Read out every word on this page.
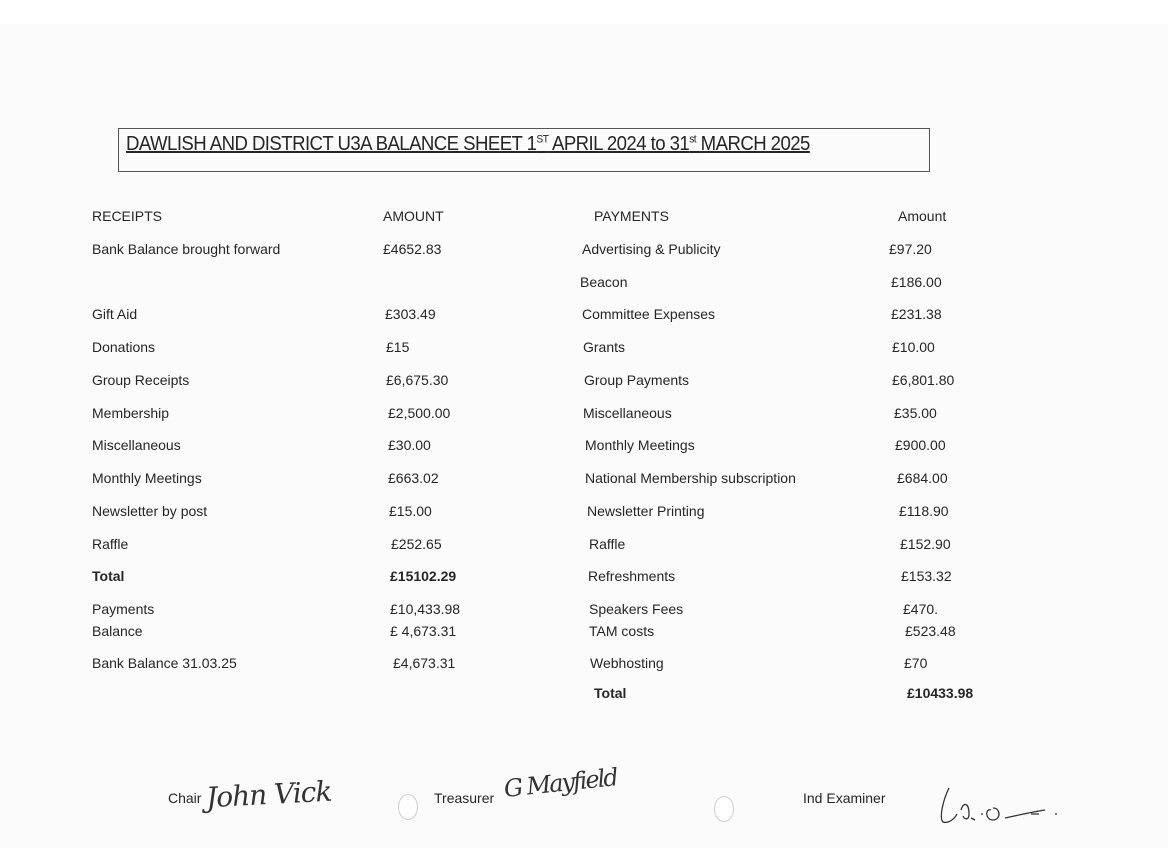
DAWLISH AND DISTRICT U3A BALANCE SHEET 1ST APRIL 2024 to 31st MARCH 2025
RECEIPTS	AMOUNT
Bank Balance brought forward	£4652.83
Gift Aid	£303.49
Donations	£15
Group Receipts	£6,675.30
Membership	£2,500.00
Miscellaneous	£30.00
Monthly Meetings	£663.02
Newsletter by post	£15.00
Raffle	£252.65
Total	£15102.29
Payments	£10,433.98
Balance	£ 4,673.31
Bank Balance 31.03.25	£4,673.31
PAYMENTS	Amount
Advertising & Publicity	£97.20
Beacon	£186.00
Committee Expenses	£231.38
Grants	£10.00
Group Payments	£6,801.80
Miscellaneous	£35.00
Monthly Meetings	£900.00
National Membership subscription	£684.00
Newsletter Printing	£118.90
Raffle	£152.90
Refreshments	£153.32
Speakers Fees	£470.
TAM costs	£523.48
Webhosting	£70
Total	£10433.98
Chair John Vick	Treasurer G Mayfield	Ind Examiner
